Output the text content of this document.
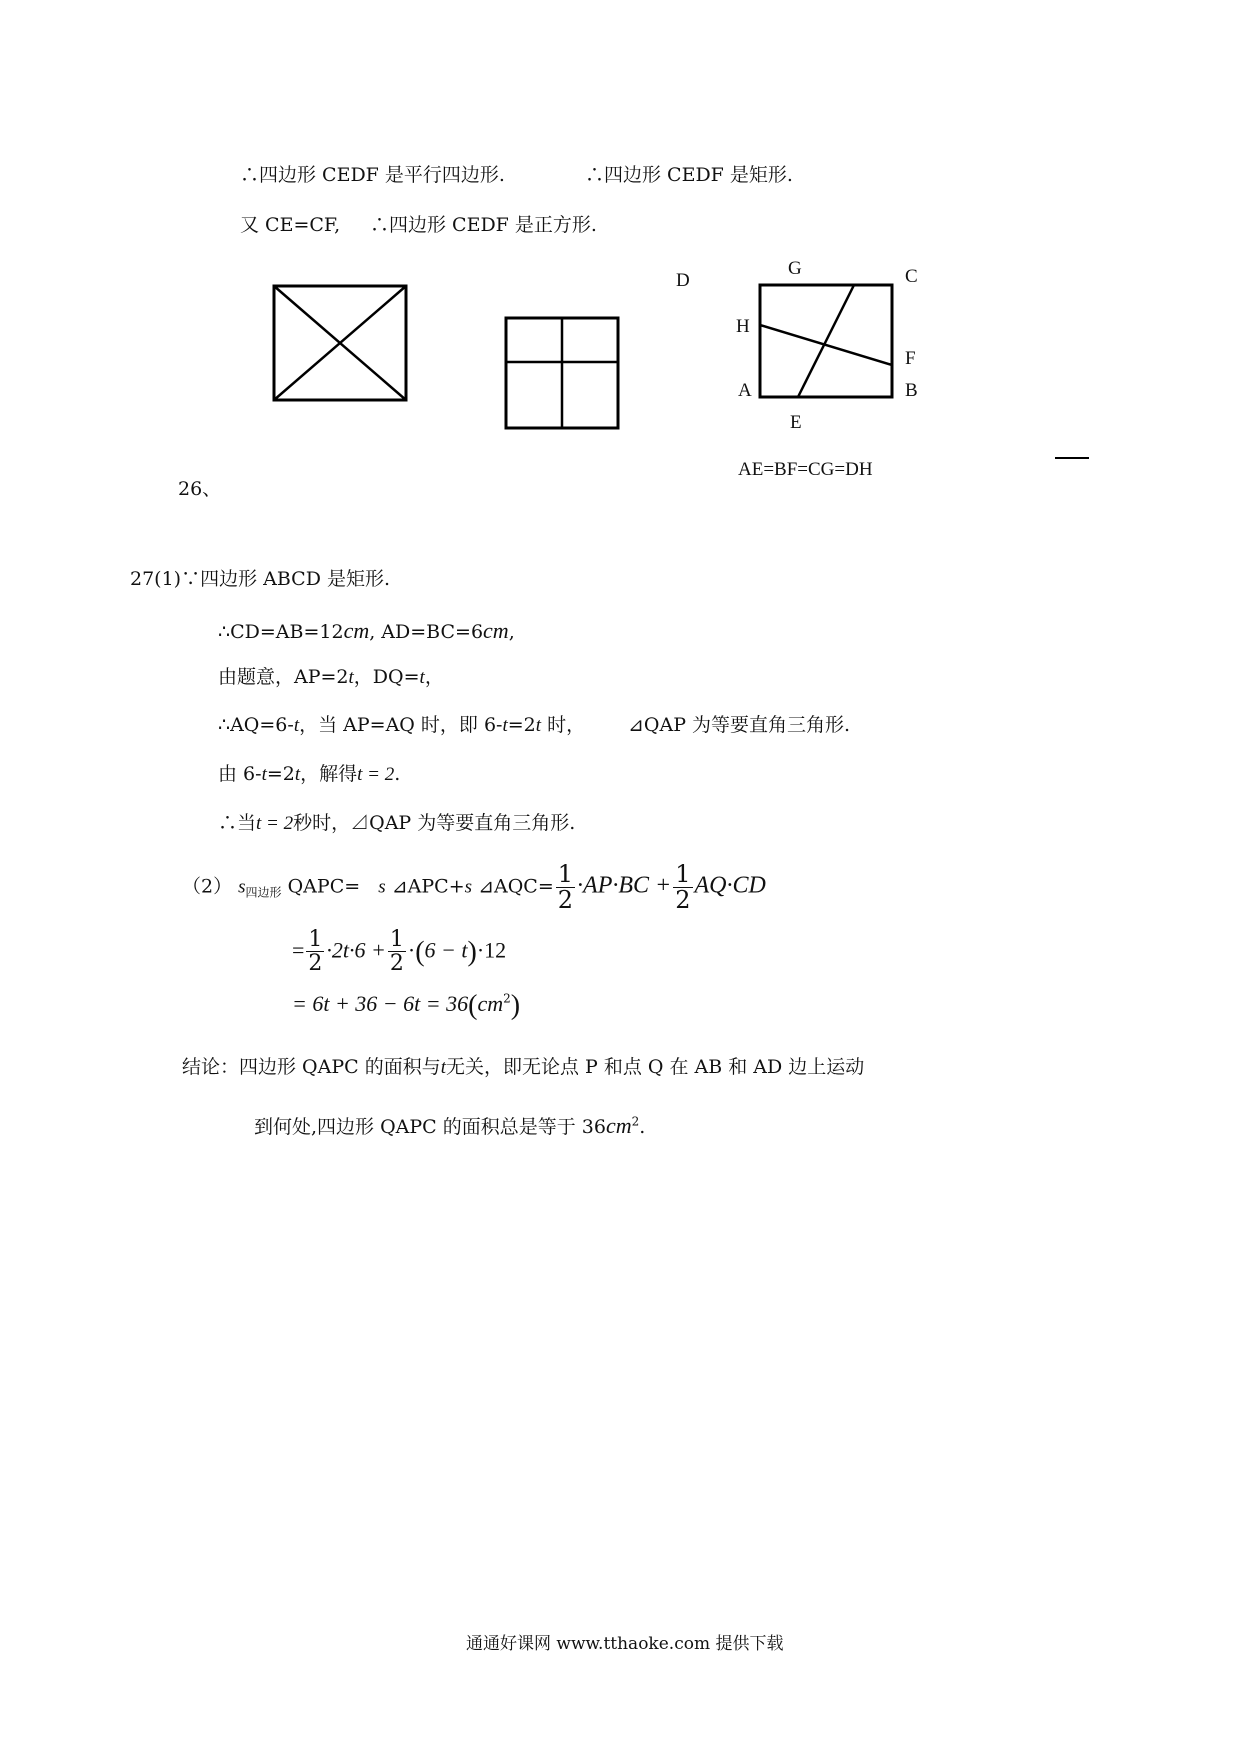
∴四边形 CEDF 是平行四边形.	∴四边形 CEDF 是矩形.
又 CE=CF, ∴四边形 CEDF 是正方形.
D
G	C
H
F
A	B
E
AE=BF=CG=DH
26、
27(1)∵四边形 ABCD 是矩形.
∴CD=AB=12cm, AD=BC=6cm,
由题意，AP=2t，DQ=t，
∴AQ=6-t，当 AP=AQ 时，即 6-t=2t 时， ⊿QAP 为等要直角三角形.
由 6-t=2t，解得t = 2.
∴当t = 2秒时，⊿QAP 为等要直角三角形.
（2） $s_{四边形}$ QAPC= s ⊿APC+s ⊿AQC= $\frac{1}{2} \cdot AP\cdot BC + \frac{1}{2} AQ\cdot CD$
= $\frac{1}{2} \cdot 2t\cdot 6 + \frac{1}{2} \cdot(6 - t)\cdot 12$
= $6t + 36 - 6t = 36(cm^2)$
结论：四边形 QAPC 的面积与t无关，即无论点 P 和点 Q 在 AB 和 AD 边上运动
到何处,四边形 QAPC 的面积总是等于 $36cm^2$.
通通好课网 www.tthaoke.com 提供下载
